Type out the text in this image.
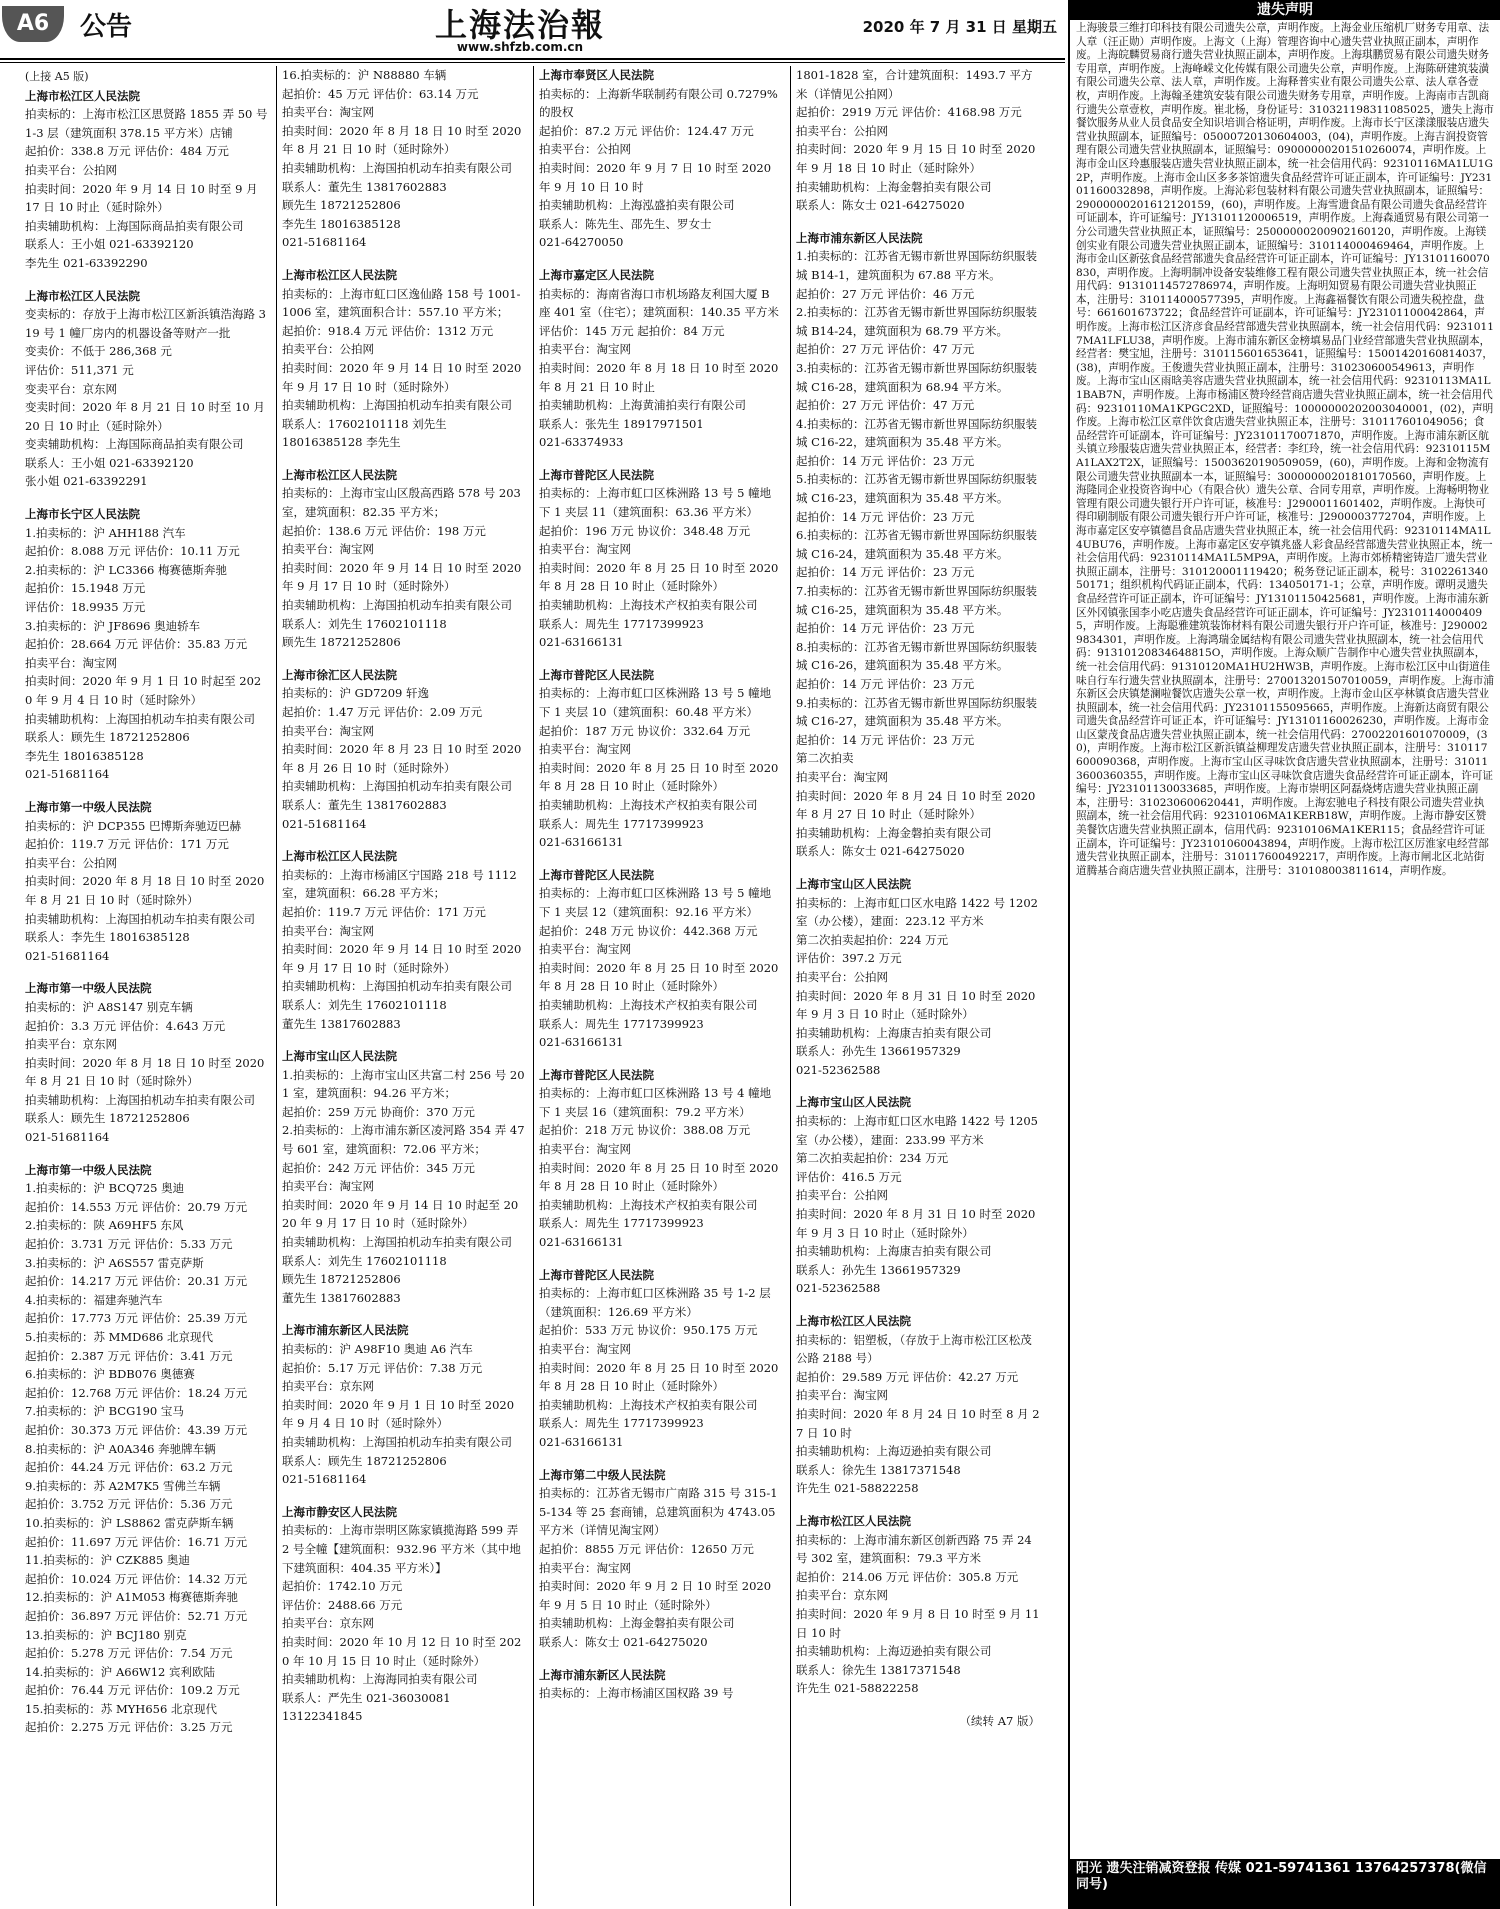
A6	公告	上海法治報
www.shfzb.com.cn
2020 年 7 月 31 日 星期五
(上接 A5 版)
上海市松江区人民法院
拍卖标的：上海市松江区思贤路 1855 弄 50 号 1-3 层（建筑面积 378.15 平方米）店铺
起拍价：338.8 万元 评估价：484 万元
拍卖平台：公拍网
拍卖时间：2020 年 9 月 14 日 10 时至 9 月 17 日 10 时止（延时除外）
拍卖辅助机构：上海国际商品拍卖有限公司
联系人：王小姐 021-63392120
李先生 021-63392290
上海市松江区人民法院
变卖标的：存放于上海市松江区新浜镇浩海路 319 号 1 幢厂房内的机器设备等财产一批
变卖价：不低于 286,368 元
评估价：511,371 元
变卖平台：京东网
变卖时间：2020 年 8 月 21 日 10 时至 10 月 20 日 10 时止（延时除外）
变卖辅助机构：上海国际商品拍卖有限公司
联系人：王小姐 021-63392120
张小姐 021-63392291
上海市长宁区人民法院
1.拍卖标的：沪 AHH188 汽车
起拍价：8.088 万元 评估价：10.11 万元
2.拍卖标的：沪 LC3366 梅赛德斯奔驰
起拍价：15.1948 万元
评估价：18.9935 万元
3.拍卖标的：沪 JF8696 奥迪轿车
起拍价：28.664 万元 评估价：35.83 万元
拍卖平台：淘宝网
拍卖时间：2020 年 9 月 1 日 10 时起至 2020 年 9 月 4 日 10 时（延时除外）
拍卖辅助机构：上海国拍机动车拍卖有限公司
联系人：顾先生 18721252806
李先生 18016385128
021-51681164
上海市第一中级人民法院
拍卖标的：沪 DCP355 巴博斯奔驰迈巴赫
起拍价：119.7 万元 评估价：171 万元
拍卖平台：公拍网
拍卖时间：2020 年 8 月 18 日 10 时至 2020 年 8 月 21 日 10 时（延时除外）
拍卖辅助机构：上海国拍机动车拍卖有限公司
联系人：李先生 18016385128
021-51681164
上海市第一中级人民法院
拍卖标的：沪 A8S147 别克车辆
起拍价：3.3 万元 评估价：4.643 万元
拍卖平台：京东网
拍卖时间：2020 年 8 月 18 日 10 时至 2020 年 8 月 21 日 10 时（延时除外）
拍卖辅助机构：上海国拍机动车拍卖有限公司
联系人：顾先生 18721252806
021-51681164
上海市第一中级人民法院
1.拍卖标的：沪 BCQ725 奥迪
起拍价：14.553 万元 评估价：20.79 万元
2.拍卖标的：陕 A69HF5 东风
起拍价：3.731 万元 评估价：5.33 万元
3.拍卖标的：沪 A6S557 雷克萨斯
起拍价：14.217 万元 评估价：20.31 万元
4.拍卖标的：福建奔驰汽车
起拍价：17.773 万元 评估价：25.39 万元
5.拍卖标的：苏 MMD686 北京现代
起拍价：2.387 万元 评估价：3.41 万元
6.拍卖标的：沪 BDB076 奥德赛
起拍价：12.768 万元 评估价：18.24 万元
7.拍卖标的：沪 BCG190 宝马
起拍价：30.373 万元 评估价：43.39 万元
8.拍卖标的：沪 A0A346 奔驰牌车辆
起拍价：44.24 万元 评估价：63.2 万元
9.拍卖标的：苏 A2M7K5 雪佛兰车辆
起拍价：3.752 万元 评估价：5.36 万元
10.拍卖标的：沪 LS8862 雷克萨斯车辆
起拍价：11.697 万元 评估价：16.71 万元
11.拍卖标的：沪 CZK885 奥迪
起拍价：10.024 万元 评估价：14.32 万元
12.拍卖标的：沪 A1M053 梅赛德斯奔驰
起拍价：36.897 万元 评估价：52.71 万元
13.拍卖标的：沪 BCJ180 别克
起拍价：5.278 万元 评估价：7.54 万元
14.拍卖标的：沪 A66W12 宾利欧陆
起拍价：76.44 万元 评估价：109.2 万元
15.拍卖标的：苏 MYH656 北京现代
起拍价：2.275 万元 评估价：3.25 万元
16.拍卖标的：沪 N88880 车辆
起拍价：45 万元 评估价：63.14 万元
拍卖平台：淘宝网
拍卖时间：2020 年 8 月 18 日 10 时至 2020 年 8 月 21 日 10 时（延时除外）
拍卖辅助机构：上海国拍机动车拍卖有限公司
联系人：董先生 13817602883
顾先生 18721252806
李先生 18016385128
021-51681164
上海市松江区人民法院
拍卖标的：上海市虹口区逸仙路 158 号 1001-1006 室，建筑面积合计：557.10 平方米；
起拍价：918.4 万元 评估价：1312 万元
拍卖平台：公拍网
拍卖时间：2020 年 9 月 14 日 10 时至 2020 年 9 月 17 日 10 时（延时除外）
拍卖辅助机构：上海国拍机动车拍卖有限公司
联系人：17602101118 刘先生
18016385128 李先生
上海市松江区人民法院
拍卖标的：上海市宝山区殷高西路 578 号 203 室，建筑面积：82.35 平方米；
起拍价：138.6 万元 评估价：198 万元
拍卖平台：淘宝网
拍卖时间：2020 年 9 月 14 日 10 时至 2020 年 9 月 17 日 10 时（延时除外）
拍卖辅助机构：上海国拍机动车拍卖有限公司
联系人：刘先生 17602101118
顾先生 18721252806
上海市徐汇区人民法院
拍卖标的：沪 GD7209 轩逸
起拍价：1.47 万元 评估价：2.09 万元
拍卖平台：淘宝网
拍卖时间：2020 年 8 月 23 日 10 时至 2020 年 8 月 26 日 10 时（延时除外）
拍卖辅助机构：上海国拍机动车拍卖有限公司
联系人：董先生 13817602883
021-51681164
上海市松江区人民法院
拍卖标的：上海市杨浦区宁国路 218 号 1112 室，建筑面积：66.28 平方米；
起拍价：119.7 万元 评估价：171 万元
拍卖平台：淘宝网
拍卖时间：2020 年 9 月 14 日 10 时至 2020 年 9 月 17 日 10 时（延时除外）
拍卖辅助机构：上海国拍机动车拍卖有限公司
联系人：刘先生 17602101118
董先生 13817602883
上海市宝山区人民法院
1.拍卖标的：上海市宝山区共富二村 256 号 201 室，建筑面积：94.26 平方米；
起拍价：259 万元 协商价：370 万元
2.拍卖标的：上海市浦东新区凌河路 354 弄 47 号 601 室，建筑面积：72.06 平方米；
起拍价：242 万元 评估价：345 万元
拍卖平台：淘宝网
拍卖时间：2020 年 9 月 14 日 10 时起至 2020 年 9 月 17 日 10 时（延时除外）
拍卖辅助机构：上海国拍机动车拍卖有限公司
联系人：刘先生 17602101118
顾先生 18721252806
董先生 13817602883
上海市浦东新区人民法院
拍卖标的：沪 A98F10 奥迪 A6 汽车
起拍价：5.17 万元 评估价：7.38 万元
拍卖平台：京东网
拍卖时间：2020 年 9 月 1 日 10 时至 2020 年 9 月 4 日 10 时（延时除外）
拍卖辅助机构：上海国拍机动车拍卖有限公司
联系人：顾先生 18721252806
021-51681164
上海市静安区人民法院
拍卖标的：上海市崇明区陈家镇揽海路 599 弄 2 号全幢【建筑面积：932.96 平方米（其中地下建筑面积：404.35 平方米）】
起拍价：1742.10 万元
评估价：2488.66 万元
拍卖平台：京东网
拍卖时间：2020 年 10 月 12 日 10 时至 2020 年 10 月 15 日 10 时止（延时除外）
拍卖辅助机构：上海海同拍卖有限公司
联系人：严先生 021-36030081
13122341845
上海市奉贤区人民法院
拍卖标的：上海新华联制药有限公司 0.7279% 的股权
起拍价：87.2 万元 评估价：124.47 万元
拍卖平台：公拍网
拍卖时间：2020 年 9 月 7 日 10 时至 2020 年 9 月 10 日 10 时
拍卖辅助机构：上海泓盛拍卖有限公司
联系人：陈先生、邵先生、罗女士
021-64270050
上海市嘉定区人民法院
拍卖标的：海南省海口市机场路友利国大厦 B 座 401 室（住宅）；建筑面积：140.35 平方米
评估价：145 万元 起拍价：84 万元
拍卖平台：淘宝网
拍卖时间：2020 年 8 月 18 日 10 时至 2020 年 8 月 21 日 10 时止
拍卖辅助机构：上海黄浦拍卖行有限公司
联系人：张先生 18917971501
021-63374933
上海市普陀区人民法院
拍卖标的：上海市虹口区株洲路 13 号 5 幢地下 1 夹层 11（建筑面积：63.36 平方米）
起拍价：196 万元 协议价：348.48 万元
拍卖平台：淘宝网
拍卖时间：2020 年 8 月 25 日 10 时至 2020 年 8 月 28 日 10 时止（延时除外）
拍卖辅助机构：上海技术产权拍卖有限公司
联系人：周先生 17717399923
021-63166131
上海市普陀区人民法院
拍卖标的：上海市虹口区株洲路 13 号 5 幢地下 1 夹层 10（建筑面积：60.48 平方米）
起拍价：187 万元 协议价：332.64 万元
拍卖平台：淘宝网
拍卖时间：2020 年 8 月 25 日 10 时至 2020 年 8 月 28 日 10 时止（延时除外）
拍卖辅助机构：上海技术产权拍卖有限公司
联系人：周先生 17717399923
021-63166131
上海市普陀区人民法院
拍卖标的：上海市虹口区株洲路 13 号 5 幢地下 1 夹层 12（建筑面积：92.16 平方米）
起拍价：248 万元 协议价：442.368 万元
拍卖平台：淘宝网
拍卖时间：2020 年 8 月 25 日 10 时至 2020 年 8 月 28 日 10 时止（延时除外）
拍卖辅助机构：上海技术产权拍卖有限公司
联系人：周先生 17717399923
021-63166131
上海市普陀区人民法院
拍卖标的：上海市虹口区株洲路 13 号 4 幢地下 1 夹层 16（建筑面积：79.2 平方米）
起拍价：218 万元 协议价：388.08 万元
拍卖平台：淘宝网
拍卖时间：2020 年 8 月 25 日 10 时至 2020 年 8 月 28 日 10 时止（延时除外）
拍卖辅助机构：上海技术产权拍卖有限公司
联系人：周先生 17717399923
021-63166131
上海市普陀区人民法院
拍卖标的：上海市虹口区株洲路 35 号 1-2 层（建筑面积：126.69 平方米）
起拍价：533 万元 协议价：950.175 万元
拍卖平台：淘宝网
拍卖时间：2020 年 8 月 25 日 10 时至 2020 年 8 月 28 日 10 时止（延时除外）
拍卖辅助机构：上海技术产权拍卖有限公司
联系人：周先生 17717399923
021-63166131
上海市第二中级人民法院
拍卖标的：江苏省无锡市广南路 315 号 315-15-134 等 25 套商铺，总建筑面积为 4743.05 平方米（详情见淘宝网）
起拍价：8855 万元 评估价：12650 万元
拍卖平台：淘宝网
拍卖时间：2020 年 9 月 2 日 10 时至 2020 年 9 月 5 日 10 时止（延时除外）
拍卖辅助机构：上海金磐拍卖有限公司
联系人：陈女士 021-64275020
上海市浦东新区人民法院
拍卖标的：上海市杨浦区国权路 39 号
1801-1828 室，合计建筑面积：1493.7 平方米（详情见公拍网）
起拍价：2919 万元 评估价：4168.98 万元
拍卖平台：公拍网
拍卖时间：2020 年 9 月 15 日 10 时至 2020 年 9 月 18 日 10 时止（延时除外）
拍卖辅助机构：上海金磐拍卖有限公司
联系人：陈女士 021-64275020
上海市浦东新区人民法院
1.拍卖标的：江苏省无锡市新世界国际纺织服装城 B14-1，建筑面积为 67.88 平方米。
起拍价：27 万元 评估价：46 万元
2.拍卖标的：江苏省无锡市新世界国际纺织服装城 B14-24，建筑面积为 68.79 平方米。
起拍价：27 万元 评估价：47 万元
3.拍卖标的：江苏省无锡市新世界国际纺织服装城 C16-28，建筑面积为 68.94 平方米。
起拍价：27 万元 评估价：47 万元
4.拍卖标的：江苏省无锡市新世界国际纺织服装城 C16-22，建筑面积为 35.48 平方米。
起拍价：14 万元 评估价：23 万元
5.拍卖标的：江苏省无锡市新世界国际纺织服装城 C16-23，建筑面积为 35.48 平方米。
起拍价：14 万元 评估价：23 万元
6.拍卖标的：江苏省无锡市新世界国际纺织服装城 C16-24，建筑面积为 35.48 平方米。
起拍价：14 万元 评估价：23 万元
7.拍卖标的：江苏省无锡市新世界国际纺织服装城 C16-25，建筑面积为 35.48 平方米。
起拍价：14 万元 评估价：23 万元
8.拍卖标的：江苏省无锡市新世界国际纺织服装城 C16-26，建筑面积为 35.48 平方米。
起拍价：14 万元 评估价：23 万元
9.拍卖标的：江苏省无锡市新世界国际纺织服装城 C16-27，建筑面积为 35.48 平方米。
起拍价：14 万元 评估价：23 万元
第二次拍卖
拍卖平台：淘宝网
拍卖时间：2020 年 8 月 24 日 10 时至 2020 年 8 月 27 日 10 时止（延时除外）
拍卖辅助机构：上海金磐拍卖有限公司
联系人：陈女士 021-64275020
上海市宝山区人民法院
拍卖标的：上海市虹口区水电路 1422 号 1202 室（办公楼），建面：223.12 平方米
第二次拍卖起拍价：224 万元
评估价：397.2 万元
拍卖平台：公拍网
拍卖时间：2020 年 8 月 31 日 10 时至 2020 年 9 月 3 日 10 时止（延时除外）
拍卖辅助机构：上海康吉拍卖有限公司
联系人：孙先生 13661957329
021-52362588
上海市宝山区人民法院
拍卖标的：上海市虹口区水电路 1422 号 1205 室（办公楼），建面：233.99 平方米
第二次拍卖起拍价：234 万元
评估价：416.5 万元
拍卖平台：公拍网
拍卖时间：2020 年 8 月 31 日 10 时至 2020 年 9 月 3 日 10 时止（延时除外）
拍卖辅助机构：上海康吉拍卖有限公司
联系人：孙先生 13661957329
021-52362588
上海市松江区人民法院
拍卖标的：铝塑板，（存放于上海市松江区松茂公路 2188 号）
起拍价：29.589 万元 评估价：42.27 万元
拍卖平台：淘宝网
拍卖时间：2020 年 8 月 24 日 10 时至 8 月 27 日 10 时
拍卖辅助机构：上海迈逊拍卖有限公司
联系人：徐先生 13817371548
许先生 021-58822258
上海市松江区人民法院
拍卖标的：上海市浦东新区创新西路 75 弄 24 号 302 室，建筑面积：79.3 平方米
起拍价：214.06 万元 评估价：305.8 万元
拍卖平台：京东网
拍卖时间：2020 年 9 月 8 日 10 时至 9 月 11 日 10 时
拍卖辅助机构：上海迈逊拍卖有限公司
联系人：徐先生 13817371548
许先生 021-58822258
（续转 A7 版）
遗失声明
上海骏景三维打印科技有限公司遗失公章，声明作废。上海金业压缩机厂财务专用章、法人章（汪正勋）声明作废。上海文（上海）管理咨询中心遗失营业执照正副本，声明作废。上海皖麟贸易商行遗失营业执照正副本，声明作废。上海琪鹏贸易有限公司遗失财务专用章，声明作废。上海峰嵘文化传媒有限公司遗失公章，声明作废。上海陈研建筑装潢有限公司遗失公章、法人章，声明作废。上海释普实业有限公司遗失公章、法人章各壹枚，声明作废。上海翰圣建筑安装有限公司遗失财务专用章，声明作废。上海南市吉凯商行遗失公章壹枚，声明作废。崔北杨，身份证号：310321198311085025，遗失上海市餐饮服务从业人员食品安全知识培训合格证明，声明作废。上海市长宁区漾漾服装店遗失营业执照副本，证照编号：05000720130604003，(04)，声明作废。上海吉润投资管理有限公司遗失营业执照副本，证照编号：09000000201510260074，声明作废。上海市金山区玲惠服装店遗失营业执照正副本，统一社会信用代码：92310116MA1LU1G2P，声明作废。上海市金山区多多茶馆遗失食品经营许可证正副本，许可证编号：JY23101160032898，声明作废。上海沁彩包装材料有限公司遗失营业执照副本，证照编号：29000000201612120159，(60)，声明作废。上海雪遗食品有限公司遗失食品经营许可证副本，许可证编号：JY13101120006519，声明作废。上海森通贸易有限公司第一分公司遗失营业执照正本，证照编号：25000000200902160120，声明作废。上海镁创实业有限公司遗失营业执照正副本，证照编号：310114000469464，声明作废。上海市金山区新弦食品经营部遗失食品经营许可证正副本，许可证编号：JY13101160070830，声明作废。上海明制冲设备安装维修工程有限公司遗失营业执照正本，统一社会信用代码：91310114572786974，声明作废。上海明知贸易有限公司遗失营业执照正本，注册号：310114000577395，声明作废。上海鑫福餐饮有限公司遗失税控盘，盘号：661601673722；食品经营许可证副本，许可证编号：JY23101100042864，声明作废。上海市松江区济彦食品经营部遗失营业执照副本，统一社会信用代码：92310117MA1LFLU38，声明作废。上海市浦东新区金榜填易品门业经营部遗失营业执照副本，经营者：樊宝旭，注册号：310115601653641，证照编号：15001420160814037，(38)，声明作废。王俊遗失营业执照正副本，注册号：310230600549613，声明作废。上海市宝山区雨晗美容店遗失营业执照副本，统一社会信用代码：92310113MA1L1BAB7N，声明作废。上海市杨浦区赞玲经营商店遗失营业执照正副本，统一社会信用代码：92310110MA1KPGC2XD，证照编号：10000000202003040001，(02)，声明作废。上海市松江区章伴饮食店遗失营业执照正本，注册号：310117601049056；食品经营许可证副本，许可证编号：JY23101170071870，声明作废。上海市浦东新区航头镇立珍服装店遗失营业执照正本，经营者：李红玲，统一社会信用代码：92310115MA1LAX2T2X，证照编号：15003620190509059，(60)，声明作废。上海和金物流有限公司遗失营业执照副本一本，证照编号：30000000201810170560，声明作废。上海隆同企业投资咨询中心（有限合伙）遗失公章、合同专用章，声明作废。上海畅明物业管理有限公司遗失银行开户许可证，核准号：J2900011601402，声明作废。上海快可得印刷制版有限公司遗失银行开户许可证，核准号：J2900003772704，声明作废。上海市嘉定区安亭镇德昌食品店遗失营业执照正本，统一社会信用代码：92310114MA1L4UBU76，声明作废。上海市嘉定区安亭镇兆盛人彩食品经营部遗失营业执照正本，统一社会信用代码：92310114MA1L5MP9A，声明作废。上海市郊桥精密铸造厂遗失营业执照正副本，注册号：310120001119420；税务登记证正副本，税号：310226134050171；组织机构代码证正副本，代码：134050171-1；公章，声明作废。谭明灵遗失食品经营许可证正副本，许可证编号：JY13101150425681，声明作废。上海市浦东新区外冈镇张国李小吃店遗失食品经营许可证正副本，许可证编号：JY23101140004095，声明作废。上海聪雅建筑装饰材料有限公司遗失银行开户许可证，核准号：J2900029834301，声明作废。上海鸿瑞金属结构有限公司遗失营业执照副本，统一社会信用代码：91310120834648815O，声明作废。上海众顺广告制作中心遗失营业执照副本，统一社会信用代码：91310120MA1HU2HW3B，声明作废。上海市松江区中山街道佳味自行车行遗失营业执照副本，注册号：270013201507010059，声明作废。上海市浦东新区会庆镇楚澜啦餐饮店遗失公章一枚，声明作废。上海市金山区亭林镇食店遗失营业执照副本，统一社会信用代码：JY23101155095665，声明作废。上海新达商贸有限公司遗失食品经营许可证正本，许可证编号：JY13101160026230，声明作废。上海市金山区蒙茂食品店遗失营业执照正副本，统一社会信用代码：27002201601070009，(30)，声明作废。上海市松江区新浜镇益柳理发店遗失营业执照正副本，注册号：310117600090368，声明作废。上海市宝山区寻味饮食店遗失营业执照副本，注册号：310113600360355，声明作废。上海市宝山区寻味饮食店遗失食品经营许可证正副本，许可证编号：JY23101130033685，声明作废。上海市崇明区阿磊烧烤店遗失营业执照正副本，注册号：310230600620441，声明作废。上海宏驰电子科技有限公司遗失营业执照副本，统一社会信用代码：92310106MA1KERB18W，声明作废。上海市静安区赞美餐饮店遗失营业执照正副本，信用代码：92310106MA1KER115；食品经营许可证正副本，许可证编号：JY23101060043894，声明作废。上海市松江区厉淮家电经营部遗失营业执照正副本，注册号：310117600492217，声明作废。上海市闸北区北站街道腾基合商店遗失营业执照正副本，注册号：310108003811614，声明作废。
阳光 遗失注销减资登报 传媒 021-59741361 13764257378(微信同号)
